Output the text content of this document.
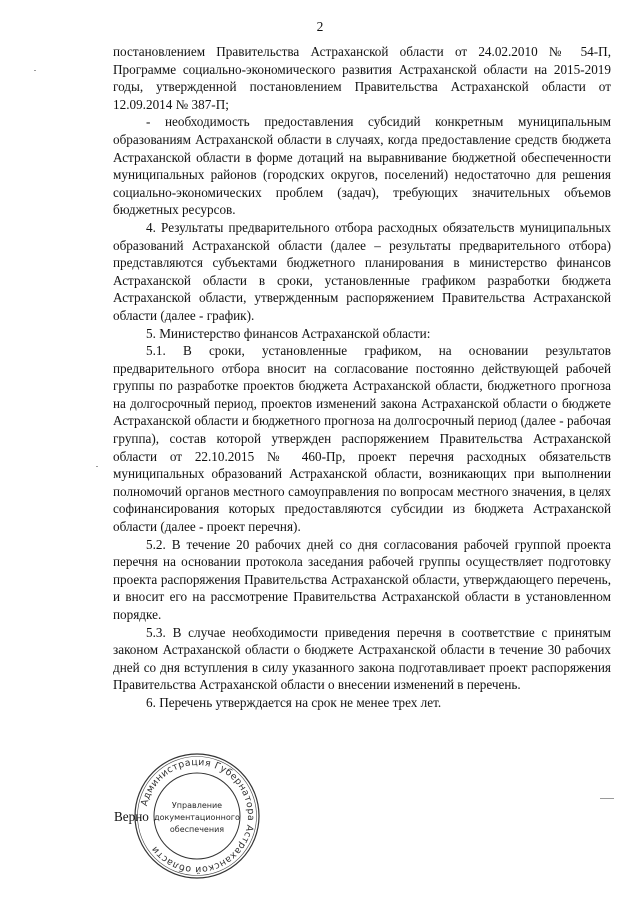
2

постановлением Правительства Астраханской области от 24.02.2010 № 54-П, Программе социально-экономического развития Астраханской области на 2015-2019 годы, утвержденной постановлением Правительства Астраханской области от 12.09.2014 № 387-П;

- необходимость предоставления субсидий конкретным муниципальным образованиям Астраханской области в случаях, когда предоставление средств бюджета Астраханской области в форме дотаций на выравнивание бюджетной обеспеченности муниципальных районов (городских округов, поселений) недостаточно для решения социально-экономических проблем (задач), требующих значительных объемов бюджетных ресурсов.

4. Результаты предварительного отбора расходных обязательств муниципальных образований Астраханской области (далее – результаты предварительного отбора) представляются субъектами бюджетного планирования в министерство финансов Астраханской области в сроки, установленные графиком разработки бюджета Астраханской области, утвержденным распоряжением Правительства Астраханской области (далее - график).

5. Министерство финансов Астраханской области:

5.1. В сроки, установленные графиком, на основании результатов предварительного отбора вносит на согласование постоянно действующей рабочей группы по разработке проектов бюджета Астраханской области, бюджетного прогноза на долгосрочный период, проектов изменений закона Астраханской области о бюджете Астраханской области и бюджетного прогноза на долгосрочный период (далее - рабочая группа), состав которой утвержден распоряжением Правительства Астраханской области от 22.10.2015 № 460-Пр, проект перечня расходных обязательств муниципальных образований Астраханской области, возникающих при выполнении полномочий органов местного самоуправления по вопросам местного значения, в целях софинансирования которых предоставляются субсидии из бюджета Астраханской области (далее - проект перечня).

5.2. В течение 20 рабочих дней со дня согласования рабочей группой проекта перечня на основании протокола заседания рабочей группы осуществляет подготовку проекта распоряжения Правительства Астраханской области, утверждающего перечень, и вносит его на рассмотрение Правительства Астраханской области в установленном порядке.

5.3. В случае необходимости приведения перечня в соответствие с принятым законом Астраханской области о бюджете Астраханской области в течение 30 рабочих дней со дня вступления в силу указанного закона подготавливает проект распоряжения Правительства Астраханской области о внесении изменений в перечень.

6. Перечень утверждается на срок не менее трех лет.

Верно
Администрация Губернатора Астраханской области
Управление
документационного
обеспечения
